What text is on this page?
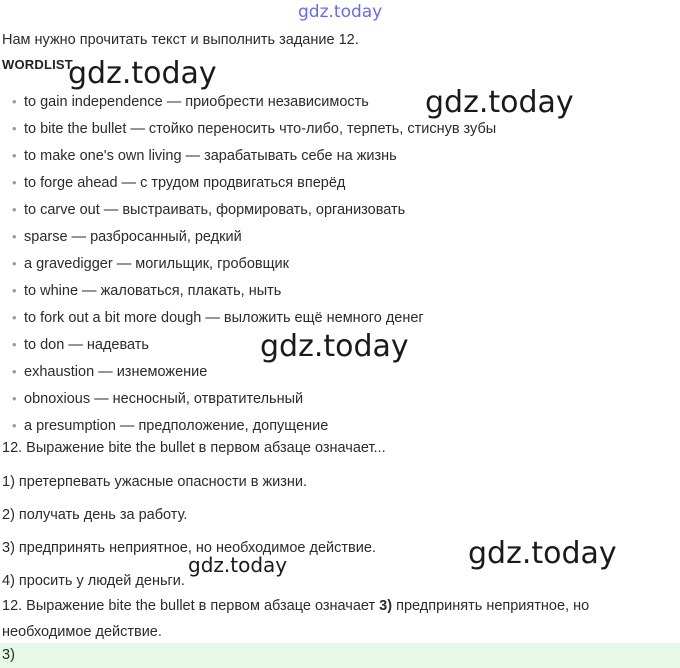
gdz.today
Нам нужно прочитать текст и выполнить задание 12.
WORDLIST
• to gain independence — приобрести независимость
• to bite the bullet — стойко переносить что-либо, терпеть, стиснув зубы
• to make one's own living — зарабатывать себе на жизнь
• to forge ahead — с трудом продвигаться вперёд
• to carve out — выстраивать, формировать, организовать
• sparse — разбросанный, редкий
• a gravedigger — могильщик, гробовщик
• to whine — жаловаться, плакать, ныть
• to fork out a bit more dough — выложить ещё немного денег
• to don — надевать
• exhaustion — изнеможение
• obnoxious — несносный, отвратительный
• a presumption — предположение, допущение
12. Выражение bite the bullet в первом абзаце означает...
1) претерпевать ужасные опасности в жизни.
2) получать день за работу.
3) предпринять неприятное, но необходимое действие.
4) просить у людей деньги.
12. Выражение bite the bullet в первом абзаце означает 3) предпринять неприятное, но
необходимое действие.
3)
gdz.today
gdz.today
gdz.today
gdz.today
gdz.today
